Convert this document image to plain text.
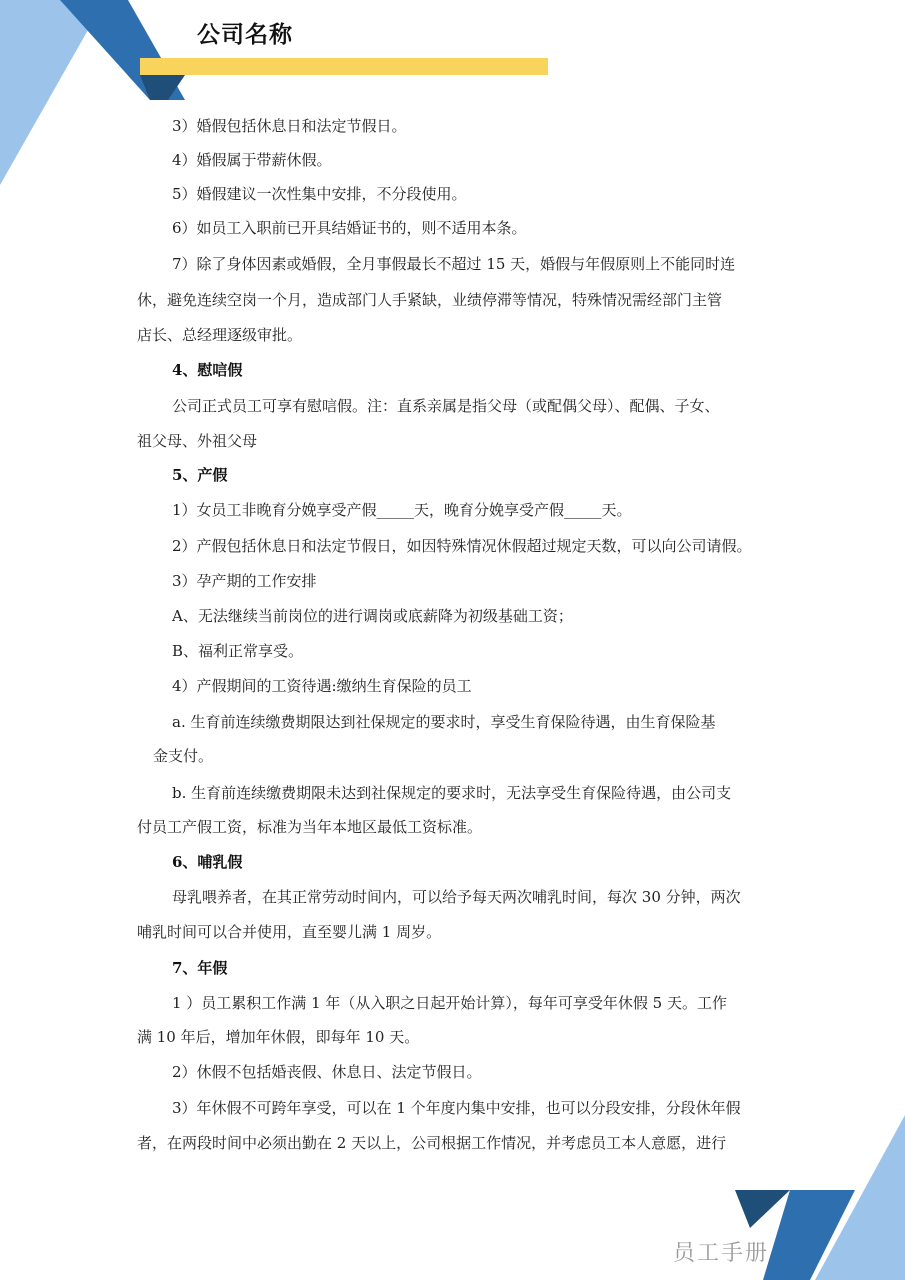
公司名称
3）婚假包括休息日和法定节假日。
4）婚假属于带薪休假。
5）婚假建议一次性集中安排，不分段使用。
6）如员工入职前已开具结婚证书的，则不适用本条。
7）除了身体因素或婚假，全月事假最长不超过 15 天，婚假与年假原则上不能同时连
休，避免连续空岗一个月，造成部门人手紧缺，业绩停滞等情况，特殊情况需经部门主管
店长、总经理逐级审批。
4、慰唁假
公司正式员工可享有慰唁假。注：直系亲属是指父母（或配偶父母）、配偶、子女、
祖父母、外祖父母
5、产假
1）女员工非晚育分娩享受产假_____天，晚育分娩享受产假_____天。
2）产假包括休息日和法定节假日，如因特殊情况休假超过规定天数，可以向公司请假。
3）孕产期的工作安排
A、无法继续当前岗位的进行调岗或底薪降为初级基础工资；
B、福利正常享受。
4）产假期间的工资待遇:缴纳生育保险的员工
a. 生育前连续缴费期限达到社保规定的要求时，享受生育保险待遇，由生育保险基
金支付。
b. 生育前连续缴费期限未达到社保规定的要求时，无法享受生育保险待遇，由公司支
付员工产假工资，标准为当年本地区最低工资标准。
6、哺乳假
母乳喂养者，在其正常劳动时间内，可以给予每天两次哺乳时间，每次 30 分钟，两次
哺乳时间可以合并使用，直至婴儿满 1 周岁。
7、年假
1 ）员工累积工作满 1 年（从入职之日起开始计算），每年可享受年休假 5 天。工作
满 10 年后，增加年休假，即每年 10 天。
2）休假不包括婚丧假、休息日、法定节假日。
3）年休假不可跨年享受，可以在 1 个年度内集中安排，也可以分段安排，分段休年假
者，在两段时间中必须出勤在 2 天以上，公司根据工作情况，并考虑员工本人意愿，进行
员工手册
